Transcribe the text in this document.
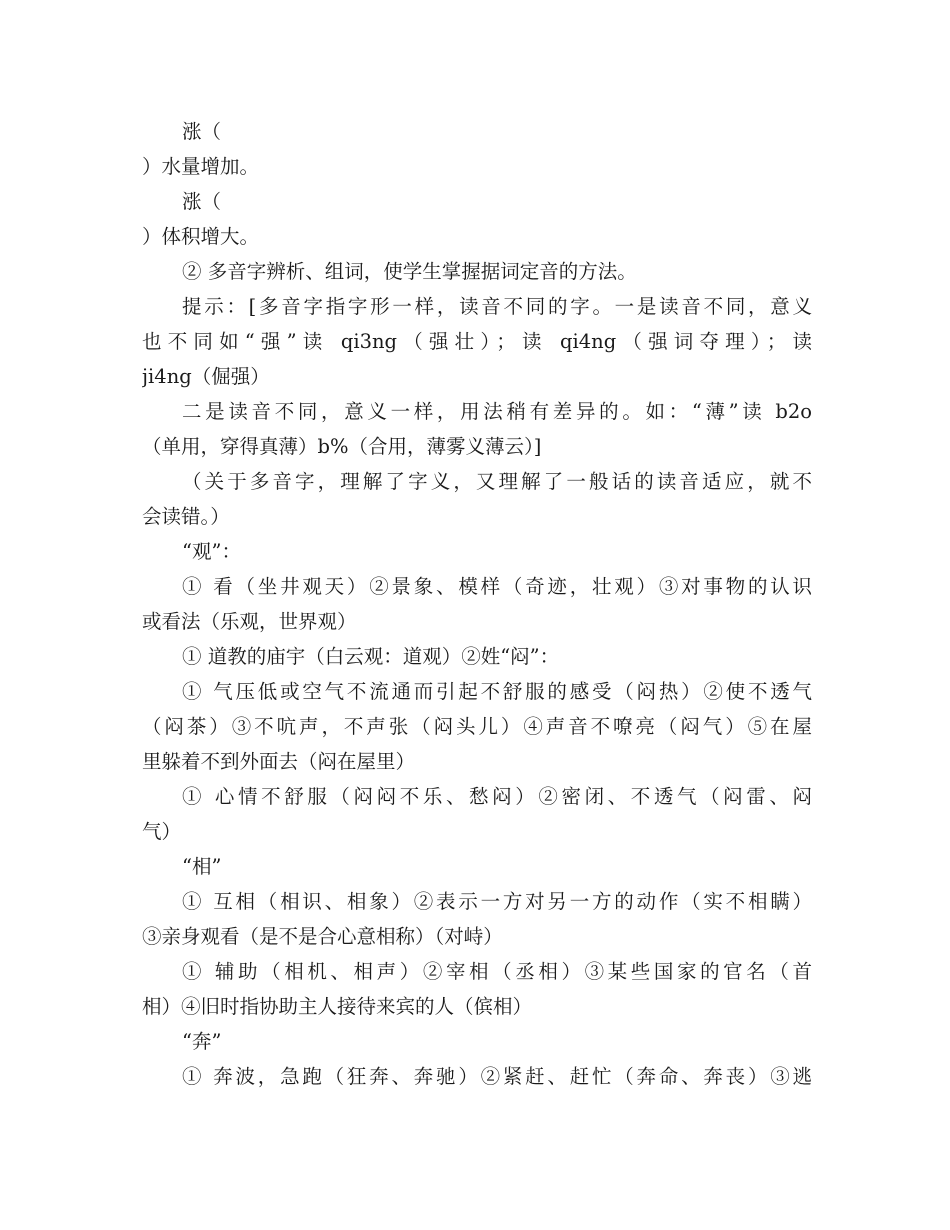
涨（
）水量增加。
涨（
）体积增大。
② 多音字辨析、组词，使学生掌握据词定音的方法。
提示：[多音字指字形一样，读音不同的字。一是读音不同，意义
也不同如“强”读 qi3ng（强壮）；读 qi4ng（强词夺理）；读
ji4ng（倔强）
二是读音不同，意义一样，用法稍有差异的。如：“薄”读 b2o
（单用，穿得真薄）b%（合用，薄雾义薄云）]
（关于多音字，理解了字义，又理解了一般话的读音适应，就不
会读错。）
“观”：
① 看（坐井观天）②景象、模样（奇迹，壮观）③对事物的认识
或看法（乐观，世界观）
① 道教的庙宇（白云观：道观）②姓“闷”：
① 气压低或空气不流通而引起不舒服的感受（闷热）②使不透气
（闷茶）③不吭声，不声张（闷头儿）④声音不嘹亮（闷气）⑤在屋
里躲着不到外面去（闷在屋里）
① 心情不舒服（闷闷不乐、愁闷）②密闭、不透气（闷雷、闷
气）
“相”
① 互相（相识、相象）②表示一方对另一方的动作（实不相瞒）
③亲身观看（是不是合心意相称）（对峙）
① 辅助（相机、相声）②宰相（丞相）③某些国家的官名（首
相）④旧时指协助主人接待来宾的人（傧相）
“奔”
① 奔波，急跑（狂奔、奔驰）②紧赶、赶忙（奔命、奔丧）③逃
